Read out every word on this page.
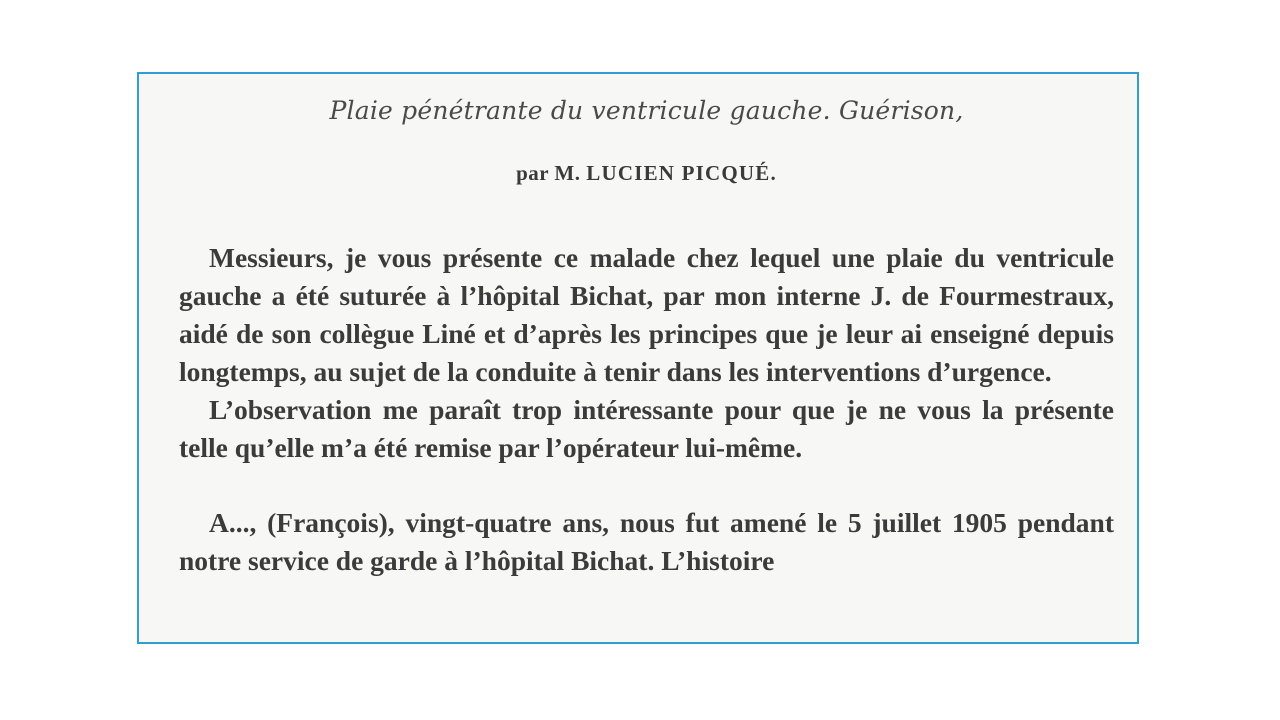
Plaie pénétrante du ventricule gauche. Guérison,

par M. LUCIEN PICQUÉ.

Messieurs, je vous présente ce malade chez lequel une plaie du ventricule gauche a été suturée à l’hôpital Bichat, par mon interne J. de Fourmestraux, aidé de son collègue Liné et d’après les principes que je leur ai enseigné depuis longtemps, au sujet de la conduite à tenir dans les interventions d’urgence.

L’observation me paraît trop intéressante pour que je ne vous la présente telle qu’elle m’a été remise par l’opérateur lui-même.

A..., (François), vingt-quatre ans, nous fut amené le 5 juillet 1905 pendant notre service de garde à l’hôpital Bichat. L’histoire
